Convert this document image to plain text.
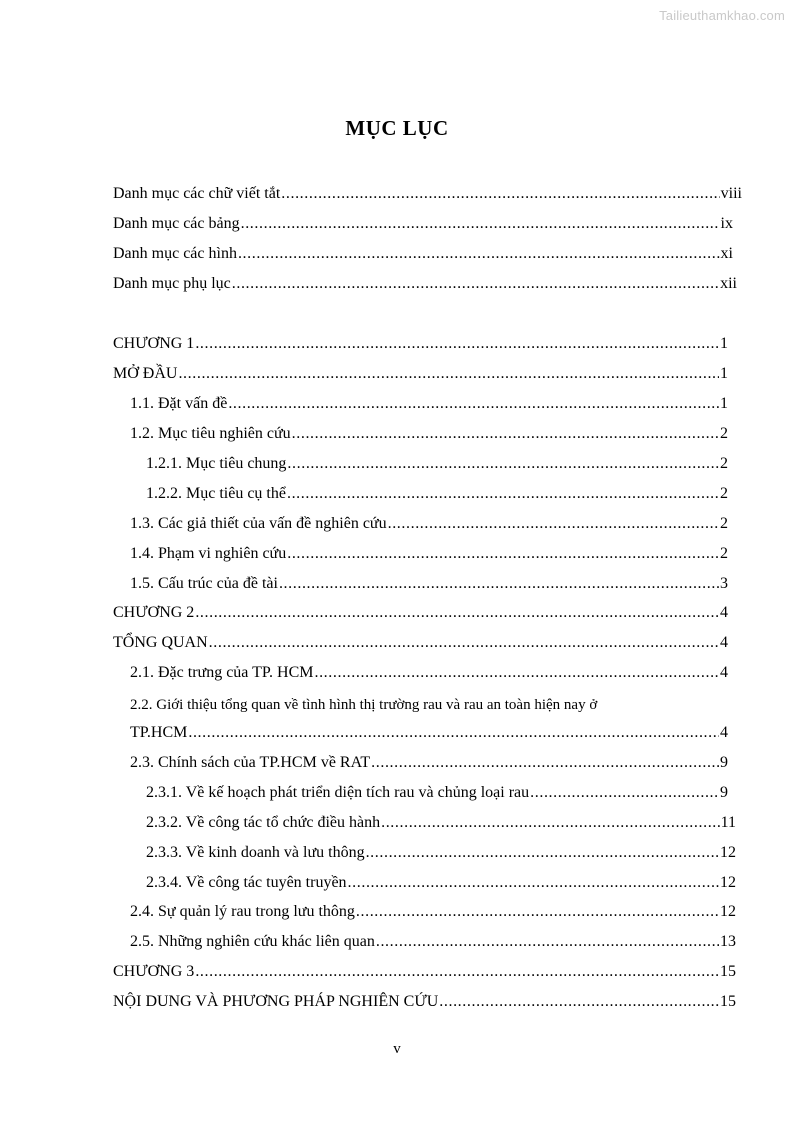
Tailieuthamkhao.com
MỤC LỤC
Danh mục các chữ viết tắt .....	viii
Danh mục các bảng .....	ix
Danh mục các hình .....	xi
Danh mục phụ lục .....	xii
CHƯƠNG 1 .....	1
MỞ ĐẦU .....	1
1.1. Đặt vấn đề .....	1
1.2. Mục tiêu nghiên cứu .....	2
1.2.1. Mục tiêu chung .....	2
1.2.2. Mục tiêu cụ thể .....	2
1.3. Các giả thiết của vấn đề nghiên cứu .....	2
1.4. Phạm vi nghiên cứu .....	2
1.5. Cấu trúc của đề tài .....	3
CHƯƠNG 2 .....	4
TỔNG QUAN .....	4
2.1. Đặc trưng của TP. HCM .....	4
2.2. Giới thiệu tổng quan về tình hình thị trường rau và rau an toàn hiện nay ở
TP.HCM .....	4
2.3. Chính sách của TP.HCM về RAT .....	9
2.3.1. Về kế hoạch phát triển diện tích rau và chủng loại rau .....	9
2.3.2. Về công tác tổ chức điều hành .....	11
2.3.3. Về kinh doanh và lưu thông .....	12
2.3.4. Về công tác tuyên truyền .....	12
2.4. Sự quản lý rau trong lưu thông .....	12
2.5. Những nghiên cứu khác liên quan .....	13
CHƯƠNG 3 .....	15
NỘI DUNG VÀ PHƯƠNG PHÁP NGHIÊN CỨU .....	15
v
